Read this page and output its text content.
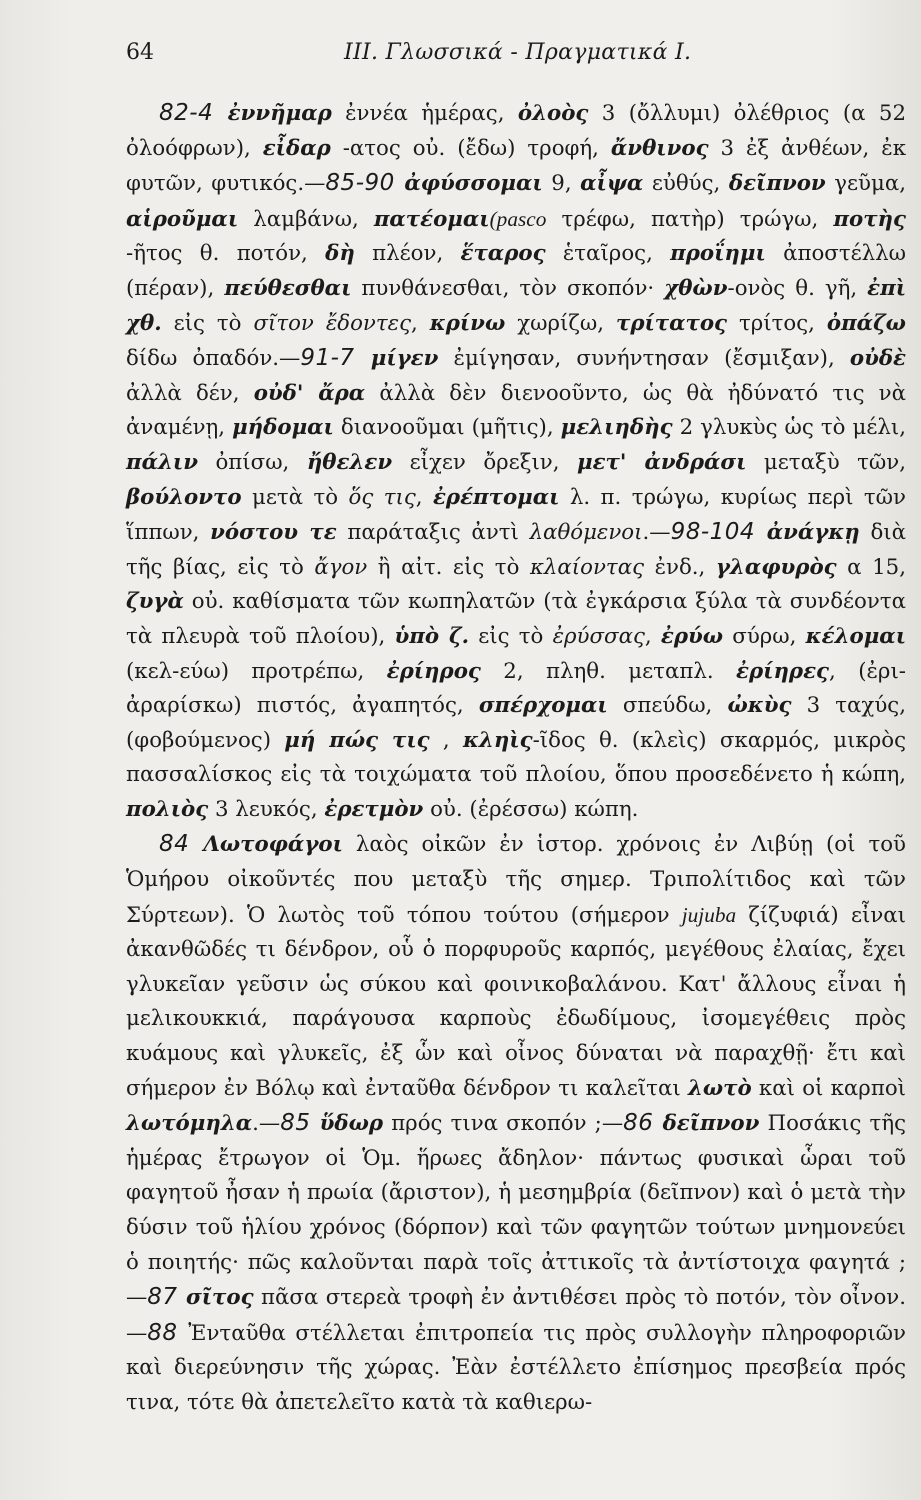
64	III. Γλωσσικά - Πραγματικά I.

82-4 ἐννῆμαρ ἐννέα ἡμέρας, ὀλοὸς 3 (ὄλλυμι) ὀλέθριος (α 52 ὀλοόφρων), εἶδαρ -ατος οὐ. (ἔδω) τροφή, ἄνθινος 3 ἐξ ἀνθέων, ἐκ φυτῶν, φυτικός.—85-90 ἀφύσσομαι 9, αἶψα εὐθύς, δεῖπνον γεῦμα, αἱροῦμαι λαμβάνω, πατέομαι(pasco τρέφω, πατὴρ) τρώγω, ποτὴς -ῆτος θ. ποτόν, δὴ πλέον, ἕταρος ἑταῖρος, προΐημι ἀποστέλλω (πέραν), πεύθεσθαι πυνθάνεσθαι, τὸν σκοπόν· χθὼν-ονὸς θ. γῆ, ἐπὶ χθ. εἰς τὸ σῖτον ἔδοντες, κρίνω χωρίζω, τρίτατος τρίτος, ὀπάζω δίδω ὀπαδόν.—91-7 μίγεν ἐμίγησαν, συνήντησαν (ἔσμιξαν), οὐδὲ ἀλλὰ δέν, οὐδ' ἄρα ἀλλὰ δὲν διενοοῦντο, ὡς θὰ ἠδύνατό τις νὰ ἀναμένῃ, μήδομαι διανοοῦμαι (μῆτις), μελιηδὴς 2 γλυκὺς ὡς τὸ μέλι, πάλιν ὀπίσω, ἤθελεν εἶχεν ὄρεξιν, μετ' ἀνδράσι μεταξὺ τῶν, βούλοντο μετὰ τὸ ὅς τις, ἐρέπτομαι λ. π. τρώγω, κυρίως περὶ τῶν ἵππων, νόστου τε παράταξις ἀντὶ λαθόμενοι.—98-104 ἀνάγκῃ διὰ τῆς βίας, εἰς τὸ ἄγον ἢ αἰτ. εἰς τὸ κλαίοντας ἐνδ., γλαφυρὸς α 15, ζυγὰ οὐ. καθίσματα τῶν κωπηλατῶν (τὰ ἐγκάρσια ξύλα τὰ συνδέοντα τὰ πλευρὰ τοῦ πλοίου), ὑπὸ ζ. εἰς τὸ ἐρύσσας, ἐρύω σύρω, κέλομαι (κελ-εύω) προτρέπω, ἐρίηρος 2, πληθ. μεταπλ. ἐρίηρες, (ἐρι- ἀραρίσκω) πιστός, ἀγαπητός, σπέρχομαι σπεύδω, ὠκὺς 3 ταχύς, (φοβούμενος) μή πώς τις , κληὶς-ῖδος θ. (κλεὶς) σκαρμός, μικρὸς πασσαλίσκος εἰς τὰ τοιχώματα τοῦ πλοίου, ὅπου προσεδένετο ἡ κώπη, πολιὸς 3 λευκός, ἐρετμὸν οὐ. (ἐρέσσω) κώπη.

84 Λωτοφάγοι λαὸς οἰκῶν ἐν ἱστορ. χρόνοις ἐν Λιβύῃ (οἱ τοῦ Ὁμήρου οἰκοῦντές που μεταξὺ τῆς σημερ. Τριπολίτιδος καὶ τῶν Σύρτεων). Ὁ λωτὸς τοῦ τόπου τούτου (σήμερον jujuba ζίζυφιά) εἶναι ἀκανθῶδές τι δένδρον, οὗ ὁ πορφυροῦς καρπός, μεγέθους ἐλαίας, ἔχει γλυκεῖαν γεῦσιν ὡς σύκου καὶ φοινικοβαλάνου. Κατ' ἄλλους εἶναι ἡ μελικουκκιά, παράγουσα καρποὺς ἐδωδίμους, ἰσομεγέθεις πρὸς κυάμους καὶ γλυκεῖς, ἐξ ὧν καὶ οἶνος δύναται νὰ παραχθῇ· ἔτι καὶ σήμερον ἐν Βόλῳ καὶ ἐνταῦθα δένδρον τι καλεῖται λωτὸ καὶ οἱ καρποὶ λωτόμηλα.—85 ὕδωρ πρός τινα σκοπόν ;—86 δεῖπνον Ποσάκις τῆς ἡμέρας ἔτρωγον οἱ Ὁμ. ἥρωες ἄδηλον· πάντως φυσικαὶ ὧραι τοῦ φαγητοῦ ἦσαν ἡ πρωία (ἄριστον), ἡ μεσημβρία (δεῖπνον) καὶ ὁ μετὰ τὴν δύσιν τοῦ ἡλίου χρόνος (δόρπον) καὶ τῶν φαγητῶν τούτων μνημονεύει ὁ ποιητής· πῶς καλοῦνται παρὰ τοῖς ἀττικοῖς τὰ ἀντίστοιχα φαγητά ;—87 σῖτος πᾶσα στερεὰ τροφὴ ἐν ἀντιθέσει πρὸς τὸ ποτόν, τὸν οἶνον.—88 Ἐνταῦθα στέλλεται ἐπιτροπεία τις πρὸς συλλογὴν πληροφοριῶν καὶ διερεύνησιν τῆς χώρας. Ἐὰν ἐστέλλετο ἐπίσημος πρεσβεία πρός τινα, τότε θὰ ἀπετελεῖτο κατὰ τὰ καθιερω-
